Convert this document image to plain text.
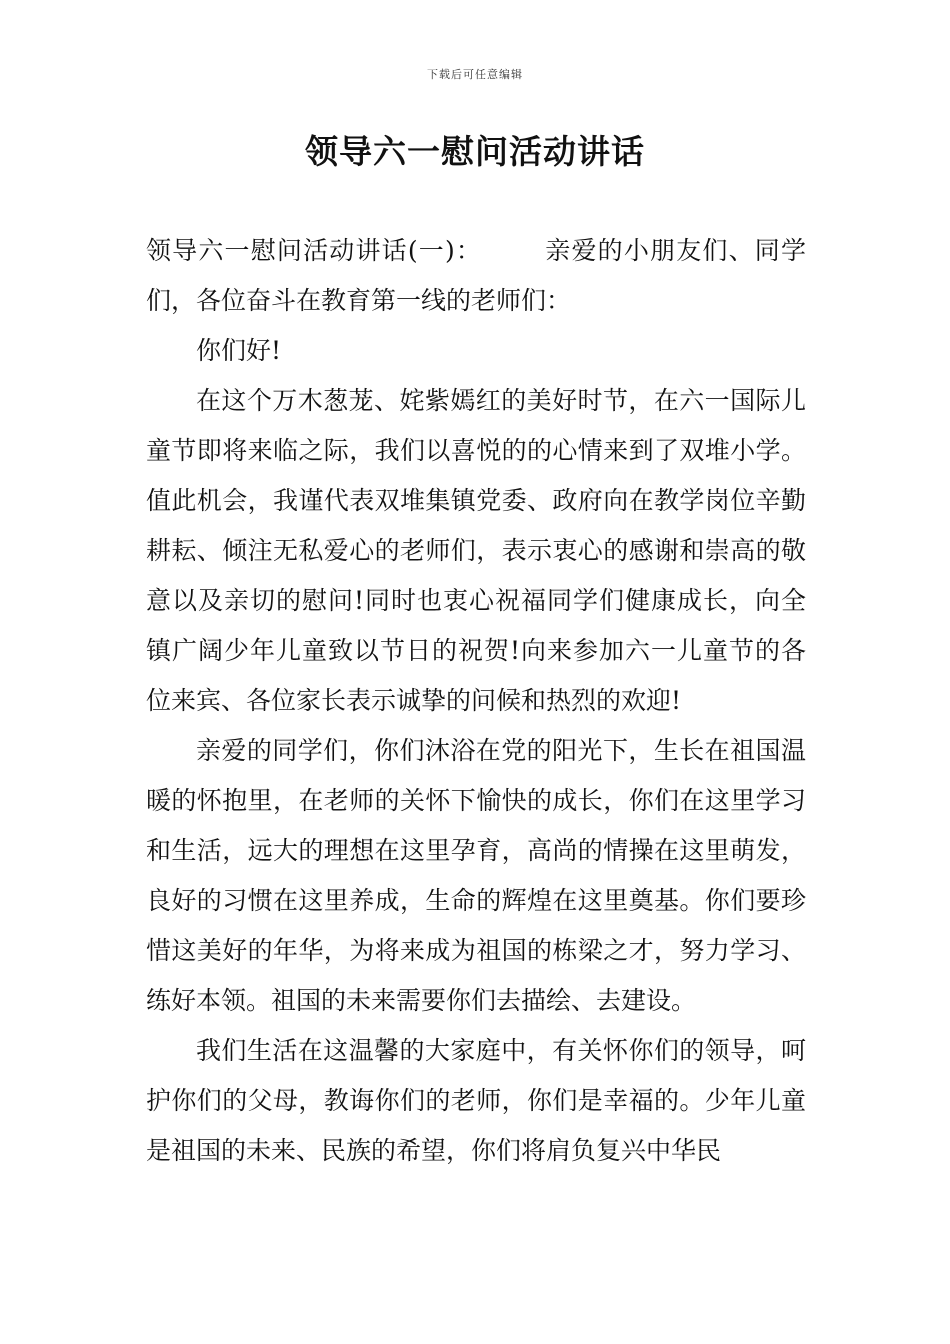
下载后可任意编辑
领导六一慰问活动讲话

领导六一慰问活动讲话(一)： 亲爱的小朋友们、同学们，各位奋斗在教育第一线的老师们：

你们好!

在这个万木葱茏、姹紫嫣红的美好时节，在六一国际儿童节即将来临之际，我们以喜悦的的心情来到了双堆小学。值此机会，我谨代表双堆集镇党委、政府向在教学岗位辛勤耕耘、倾注无私爱心的老师们，表示衷心的感谢和崇高的敬意以及亲切的慰问!同时也衷心祝福同学们健康成长，向全镇广阔少年儿童致以节日的祝贺!向来参加六一儿童节的各位来宾、各位家长表示诚挚的问候和热烈的欢迎!

亲爱的同学们，你们沐浴在党的阳光下，生长在祖国温暖的怀抱里，在老师的关怀下愉快的成长，你们在这里学习和生活，远大的理想在这里孕育，高尚的情操在这里萌发，良好的习惯在这里养成，生命的辉煌在这里奠基。你们要珍惜这美好的年华，为将来成为祖国的栋梁之才，努力学习、练好本领。祖国的未来需要你们去描绘、去建设。

我们生活在这温馨的大家庭中，有关怀你们的领导，呵护你们的父母，教诲你们的老师，你们是幸福的。少年儿童是祖国的未来、民族的希望，你们将肩负复兴中华民
